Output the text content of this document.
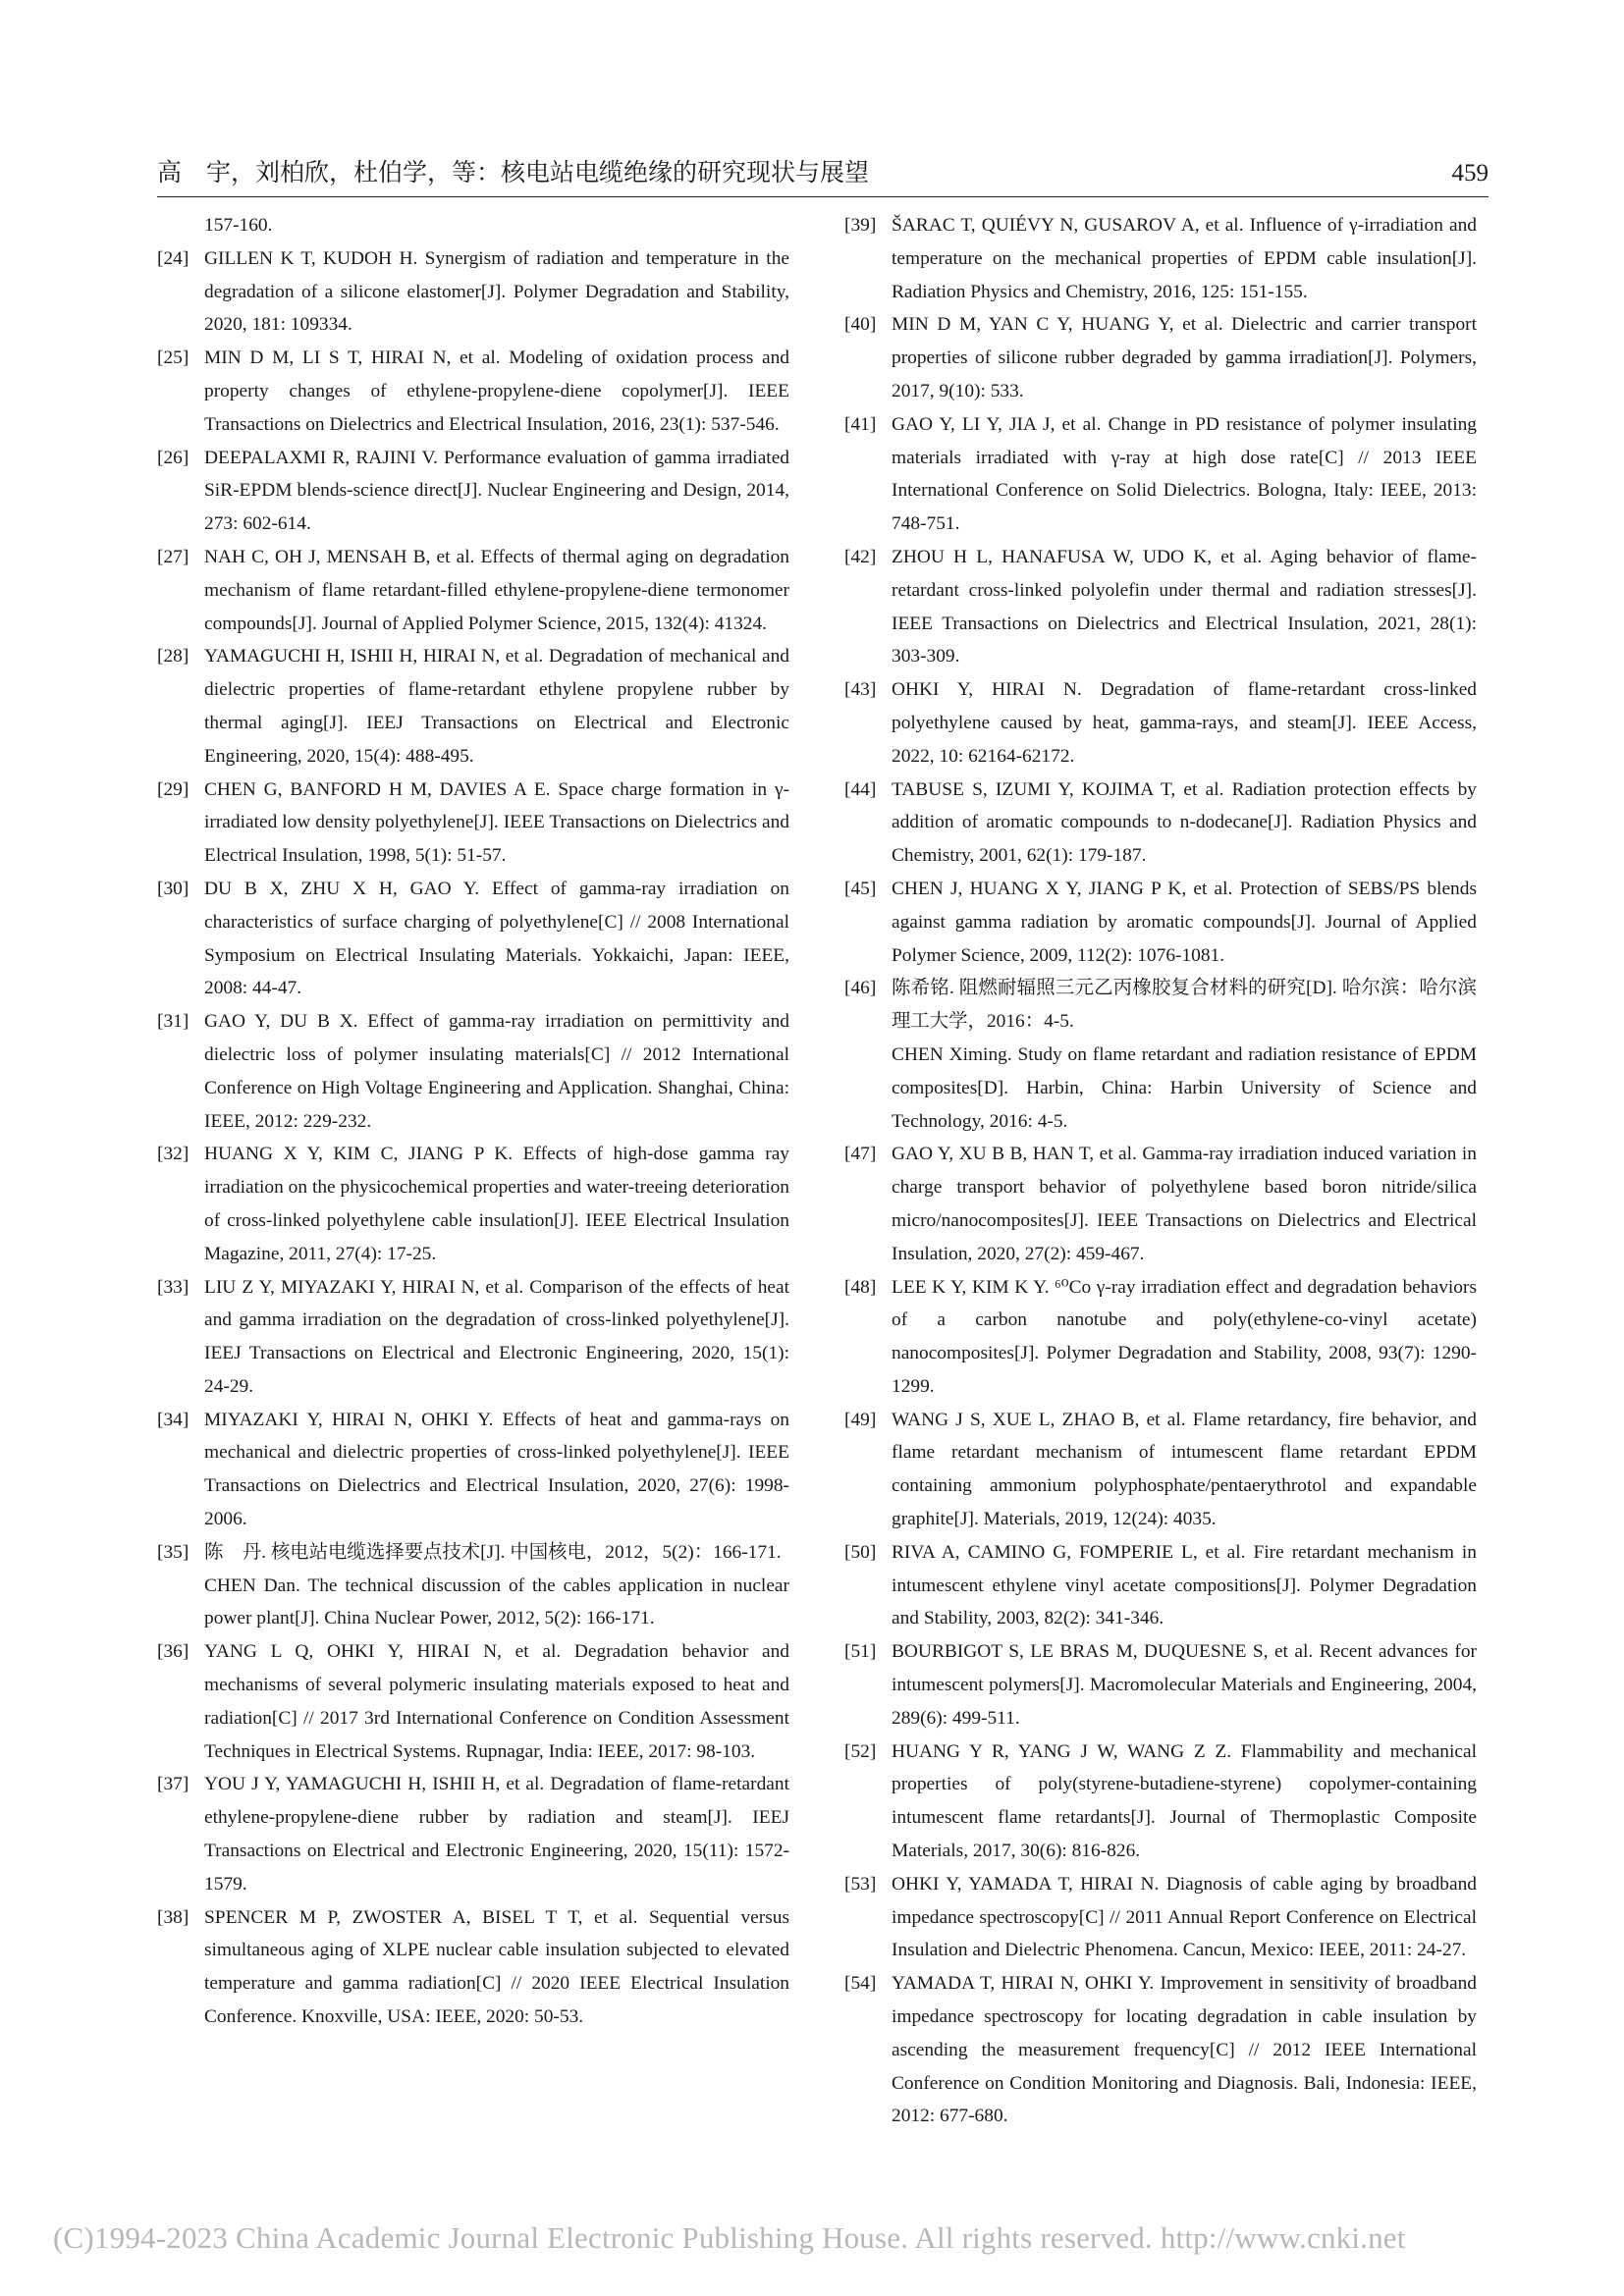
高　宇，刘柏欣，杜伯学，等：核电站电缆绝缘的研究现状与展望	459
157-160.
[24] GILLEN K T, KUDOH H. Synergism of radiation and temperature in the degradation of a silicone elastomer[J]. Polymer Degradation and Stability, 2020, 181: 109334.
[25] MIN D M, LI S T, HIRAI N, et al. Modeling of oxidation process and property changes of ethylene-propylene-diene copolymer[J]. IEEE Transactions on Dielectrics and Electrical Insulation, 2016, 23(1): 537-546.
[26] DEEPALAXMI R, RAJINI V. Performance evaluation of gamma irradiated SiR-EPDM blends-science direct[J]. Nuclear Engineering and Design, 2014, 273: 602-614.
[27] NAH C, OH J, MENSAH B, et al. Effects of thermal aging on degradation mechanism of flame retardant-filled ethylene-propylene-diene termonomer compounds[J]. Journal of Applied Polymer Science, 2015, 132(4): 41324.
[28] YAMAGUCHI H, ISHII H, HIRAI N, et al. Degradation of mechanical and dielectric properties of flame-retardant ethylene propylene rubber by thermal aging[J]. IEEJ Transactions on Electrical and Electronic Engineering, 2020, 15(4): 488-495.
[29] CHEN G, BANFORD H M, DAVIES A E. Space charge formation in γ-irradiated low density polyethylene[J]. IEEE Transactions on Dielectrics and Electrical Insulation, 1998, 5(1): 51-57.
[30] DU B X, ZHU X H, GAO Y. Effect of gamma-ray irradiation on characteristics of surface charging of polyethylene[C] // 2008 International Symposium on Electrical Insulating Materials. Yokkaichi, Japan: IEEE, 2008: 44-47.
[31] GAO Y, DU B X. Effect of gamma-ray irradiation on permittivity and dielectric loss of polymer insulating materials[C] // 2012 International Conference on High Voltage Engineering and Application. Shanghai, China: IEEE, 2012: 229-232.
[32] HUANG X Y, KIM C, JIANG P K. Effects of high-dose gamma ray irradiation on the physicochemical properties and water-treeing deterioration of cross-linked polyethylene cable insulation[J]. IEEE Electrical Insulation Magazine, 2011, 27(4): 17-25.
[33] LIU Z Y, MIYAZAKI Y, HIRAI N, et al. Comparison of the effects of heat and gamma irradiation on the degradation of cross-linked polyethylene[J]. IEEJ Transactions on Electrical and Electronic Engineering, 2020, 15(1): 24-29.
[34] MIYAZAKI Y, HIRAI N, OHKI Y. Effects of heat and gamma-rays on mechanical and dielectric properties of cross-linked polyethylene[J]. IEEE Transactions on Dielectrics and Electrical Insulation, 2020, 27(6): 1998-2006.
[35] 陈　丹. 核电站电缆选择要点技术[J]. 中国核电，2012，5(2)：166-171.
CHEN Dan. The technical discussion of the cables application in nuclear power plant[J]. China Nuclear Power, 2012, 5(2): 166-171.
[36] YANG L Q, OHKI Y, HIRAI N, et al. Degradation behavior and mechanisms of several polymeric insulating materials exposed to heat and radiation[C] // 2017 3rd International Conference on Condition Assessment Techniques in Electrical Systems. Rupnagar, India: IEEE, 2017: 98-103.
[37] YOU J Y, YAMAGUCHI H, ISHII H, et al. Degradation of flame-retardant ethylene-propylene-diene rubber by radiation and steam[J]. IEEJ Transactions on Electrical and Electronic Engineering, 2020, 15(11): 1572-1579.
[38] SPENCER M P, ZWOSTER A, BISEL T T, et al. Sequential versus simultaneous aging of XLPE nuclear cable insulation subjected to elevated temperature and gamma radiation[C] // 2020 IEEE Electrical Insulation Conference. Knoxville, USA: IEEE, 2020: 50-53.
[39] ŠARAC T, QUIÉVY N, GUSAROV A, et al. Influence of γ-irradiation and temperature on the mechanical properties of EPDM cable insulation[J]. Radiation Physics and Chemistry, 2016, 125: 151-155.
[40] MIN D M, YAN C Y, HUANG Y, et al. Dielectric and carrier transport properties of silicone rubber degraded by gamma irradiation[J]. Polymers, 2017, 9(10): 533.
[41] GAO Y, LI Y, JIA J, et al. Change in PD resistance of polymer insulating materials irradiated with γ-ray at high dose rate[C] // 2013 IEEE International Conference on Solid Dielectrics. Bologna, Italy: IEEE, 2013: 748-751.
[42] ZHOU H L, HANAFUSA W, UDO K, et al. Aging behavior of flame-retardant cross-linked polyolefin under thermal and radiation stresses[J]. IEEE Transactions on Dielectrics and Electrical Insulation, 2021, 28(1): 303-309.
[43] OHKI Y, HIRAI N. Degradation of flame-retardant cross-linked polyethylene caused by heat, gamma-rays, and steam[J]. IEEE Access, 2022, 10: 62164-62172.
[44] TABUSE S, IZUMI Y, KOJIMA T, et al. Radiation protection effects by addition of aromatic compounds to n-dodecane[J]. Radiation Physics and Chemistry, 2001, 62(1): 179-187.
[45] CHEN J, HUANG X Y, JIANG P K, et al. Protection of SEBS/PS blends against gamma radiation by aromatic compounds[J]. Journal of Applied Polymer Science, 2009, 112(2): 1076-1081.
[46] 陈希铭. 阻燃耐辐照三元乙丙橡胶复合材料的研究[D]. 哈尔滨：哈尔滨理工大学，2016：4-5.
CHEN Ximing. Study on flame retardant and radiation resistance of EPDM composites[D]. Harbin, China: Harbin University of Science and Technology, 2016: 4-5.
[47] GAO Y, XU B B, HAN T, et al. Gamma-ray irradiation induced variation in charge transport behavior of polyethylene based boron nitride/silica micro/nanocomposites[J]. IEEE Transactions on Dielectrics and Electrical Insulation, 2020, 27(2): 459-467.
[48] LEE K Y, KIM K Y. ⁶⁰Co γ-ray irradiation effect and degradation behaviors of a carbon nanotube and poly(ethylene-co-vinyl acetate) nanocomposites[J]. Polymer Degradation and Stability, 2008, 93(7): 1290-1299.
[49] WANG J S, XUE L, ZHAO B, et al. Flame retardancy, fire behavior, and flame retardant mechanism of intumescent flame retardant EPDM containing ammonium polyphosphate/pentaerythrotol and expandable graphite[J]. Materials, 2019, 12(24): 4035.
[50] RIVA A, CAMINO G, FOMPERIE L, et al. Fire retardant mechanism in intumescent ethylene vinyl acetate compositions[J]. Polymer Degradation and Stability, 2003, 82(2): 341-346.
[51] BOURBIGOT S, LE BRAS M, DUQUESNE S, et al. Recent advances for intumescent polymers[J]. Macromolecular Materials and Engineering, 2004, 289(6): 499-511.
[52] HUANG Y R, YANG J W, WANG Z Z. Flammability and mechanical properties of poly(styrene-butadiene-styrene) copolymer-containing intumescent flame retardants[J]. Journal of Thermoplastic Composite Materials, 2017, 30(6): 816-826.
[53] OHKI Y, YAMADA T, HIRAI N. Diagnosis of cable aging by broadband impedance spectroscopy[C] // 2011 Annual Report Conference on Electrical Insulation and Dielectric Phenomena. Cancun, Mexico: IEEE, 2011: 24-27.
[54] YAMADA T, HIRAI N, OHKI Y. Improvement in sensitivity of broadband impedance spectroscopy for locating degradation in cable insulation by ascending the measurement frequency[C] // 2012 IEEE International Conference on Condition Monitoring and Diagnosis. Bali, Indonesia: IEEE, 2012: 677-680.
(C)1994-2023 China Academic Journal Electronic Publishing House. All rights reserved. http://www.cnki.net
